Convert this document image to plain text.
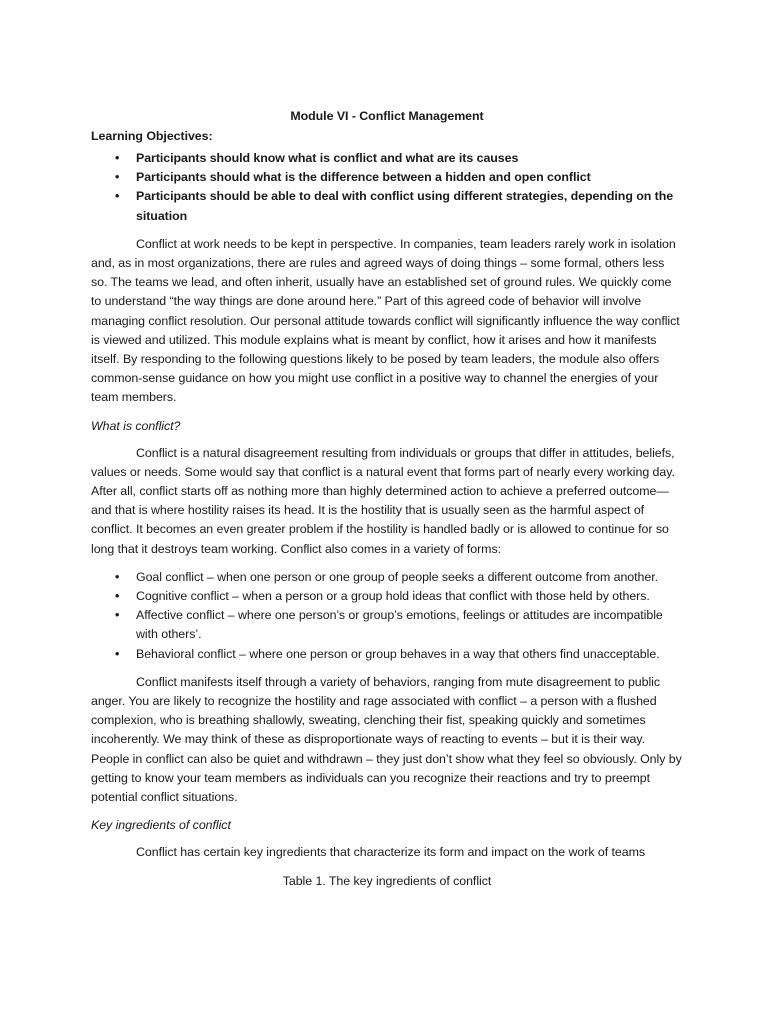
Module VI - Conflict Management

Learning Objectives:

• Participants should know what is conflict and what are its causes
• Participants should what is the difference between a hidden and open conflict
• Participants should be able to deal with conflict using different strategies, depending on the situation

Conflict at work needs to be kept in perspective. In companies, team leaders rarely work in isolation and, as in most organizations, there are rules and agreed ways of doing things – some formal, others less so. The teams we lead, and often inherit, usually have an established set of ground rules. We quickly come to understand “the way things are done around here.” Part of this agreed code of behavior will involve managing conflict resolution. Our personal attitude towards conflict will significantly influence the way conflict is viewed and utilized. This module explains what is meant by conflict, how it arises and how it manifests itself. By responding to the following questions likely to be posed by team leaders, the module also offers common-sense guidance on how you might use conflict in a positive way to channel the energies of your team members.

What is conflict?

Conflict is a natural disagreement resulting from individuals or groups that differ in attitudes, beliefs, values or needs. Some would say that conflict is a natural event that forms part of nearly every working day. After all, conflict starts off as nothing more than highly determined action to achieve a preferred outcome—and that is where hostility raises its head. It is the hostility that is usually seen as the harmful aspect of conflict. It becomes an even greater problem if the hostility is handled badly or is allowed to continue for so long that it destroys team working. Conflict also comes in a variety of forms:

• Goal conflict – when one person or one group of people seeks a different outcome from another.
• Cognitive conflict – when a person or a group hold ideas that conflict with those held by others.
• Affective conflict – where one person’s or group’s emotions, feelings or attitudes are incompatible with others’.
• Behavioral conflict – where one person or group behaves in a way that others find unacceptable.

Conflict manifests itself through a variety of behaviors, ranging from mute disagreement to public anger. You are likely to recognize the hostility and rage associated with conflict – a person with a flushed complexion, who is breathing shallowly, sweating, clenching their fist, speaking quickly and sometimes incoherently. We may think of these as disproportionate ways of reacting to events – but it is their way. People in conflict can also be quiet and withdrawn – they just don’t show what they feel so obviously. Only by getting to know your team members as individuals can you recognize their reactions and try to preempt potential conflict situations.

Key ingredients of conflict

Conflict has certain key ingredients that characterize its form and impact on the work of teams

Table 1. The key ingredients of conflict
